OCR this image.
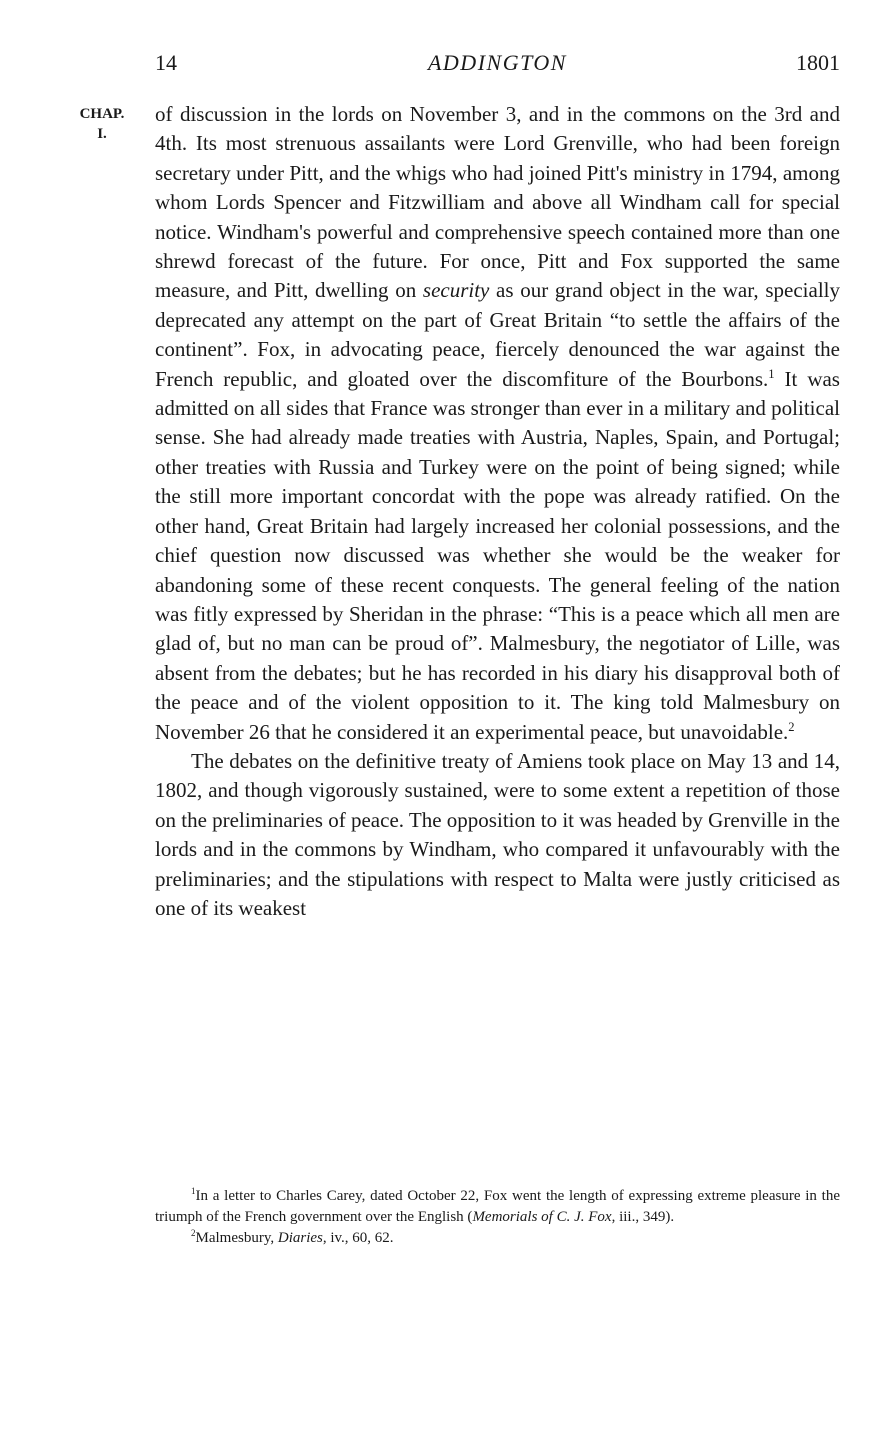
14	ADDINGTON	1801
CHAP.
I.

of discussion in the lords on November 3, and in the commons on the 3rd and 4th. Its most strenuous assailants were Lord Grenville, who had been foreign secretary under Pitt, and the whigs who had joined Pitt's ministry in 1794, among whom Lords Spencer and Fitzwilliam and above all Windham call for special notice. Windham's powerful and comprehensive speech contained more than one shrewd forecast of the future. For once, Pitt and Fox supported the same measure, and Pitt, dwelling on security as our grand object in the war, specially deprecated any attempt on the part of Great Britain “to settle the affairs of the continent”. Fox, in advocating peace, fiercely denounced the war against the French republic, and gloated over the discomfiture of the Bourbons.$^1$ It was admitted on all sides that France was stronger than ever in a military and political sense. She had already made treaties with Austria, Naples, Spain, and Portugal; other treaties with Russia and Turkey were on the point of being signed; while the still more important concordat with the pope was already ratified. On the other hand, Great Britain had largely increased her colonial possessions, and the chief question now discussed was whether she would be the weaker for abandoning some of these recent conquests. The general feeling of the nation was fitly expressed by Sheridan in the phrase: “This is a peace which all men are glad of, but no man can be proud of”. Malmesbury, the negotiator of Lille, was absent from the debates; but he has recorded in his diary his disapproval both of the peace and of the violent opposition to it. The king told Malmesbury on November 26 that he considered it an experimental peace, but unavoidable.$^2$

The debates on the definitive treaty of Amiens took place on May 13 and 14, 1802, and though vigorously sustained, were to some extent a repetition of those on the preliminaries of peace. The opposition to it was headed by Grenville in the lords and in the commons by Windham, who compared it unfavourably with the preliminaries; and the stipulations with respect to Malta were justly criticised as one of its weakest

$^1$In a letter to Charles Carey, dated October 22, Fox went the length of expressing extreme pleasure in the triumph of the French government over the English (Memorials of C. J. Fox, iii., 349).

$^2$Malmesbury, Diaries, iv., 60, 62.
